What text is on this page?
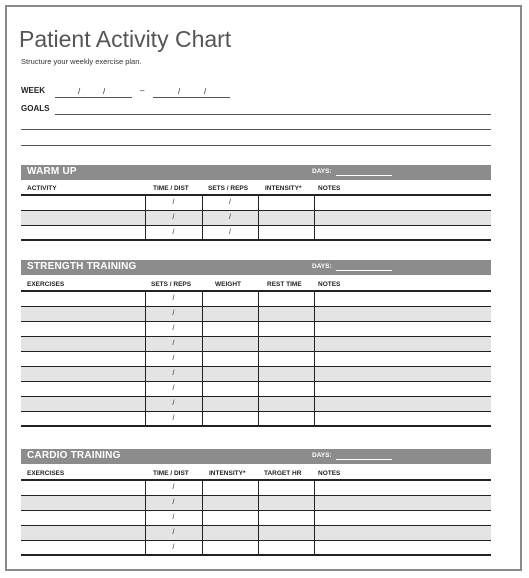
Patient Activity Chart
Structure your weekly exercise plan.
WEEK	/	/	–	/	/
GOALS
WARM UP	DAYS:
ACTIVITY	TIME / DIST	SETS / REPS	INTENSITY*	NOTES
	/	/		
	/	/		
	/	/		
STRENGTH TRAINING	DAYS:
EXERCISES	SETS / REPS	WEIGHT	REST TIME	NOTES
	/			
	/			
	/			
	/			
	/			
	/			
	/			
	/			
	/			
CARDIO TRAINING	DAYS:
EXERCISES	TIME / DIST	INTENSITY*	TARGET HR	NOTES
	/			
	/			
	/			
	/			
	/			
